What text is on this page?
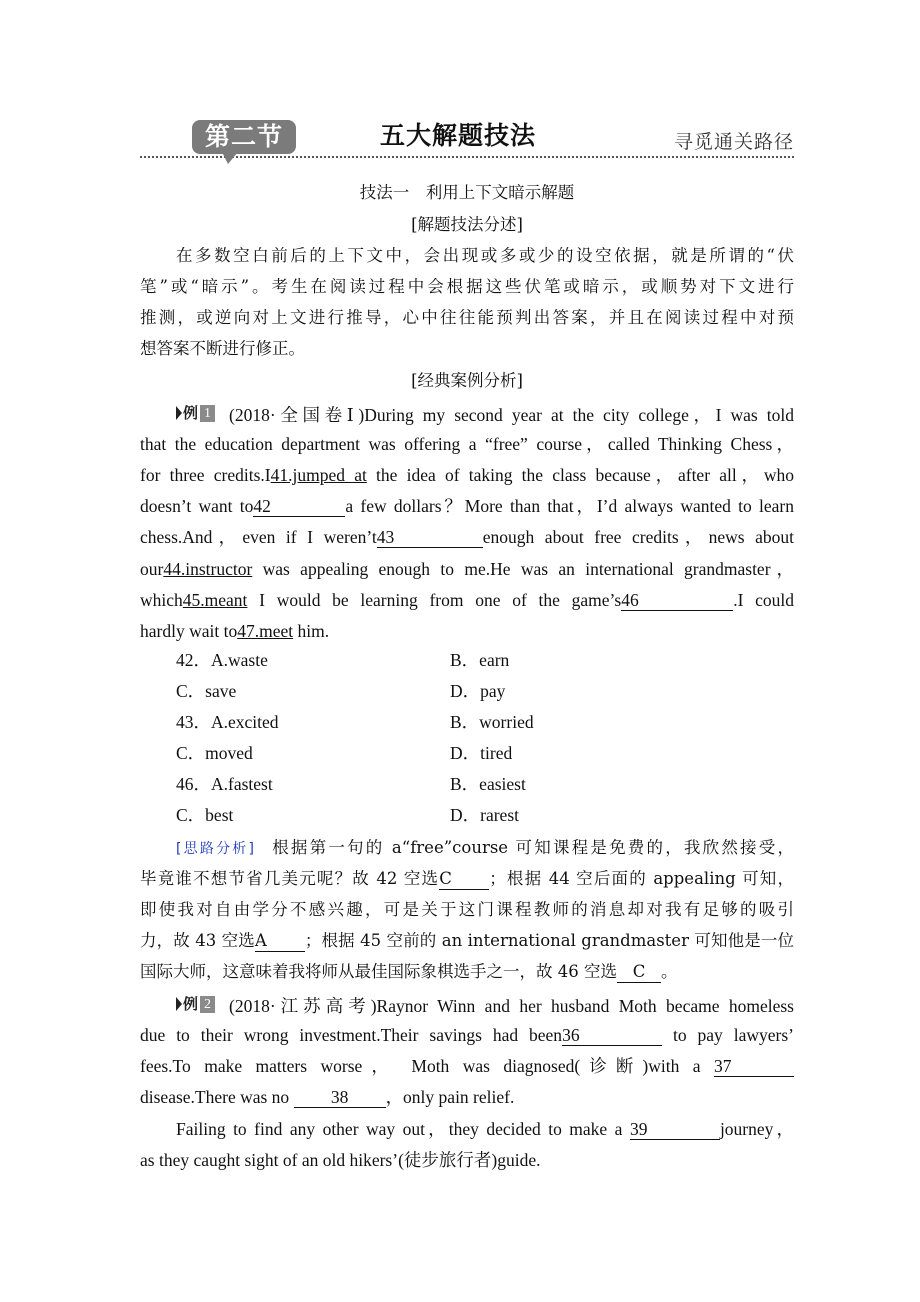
第二节	五大解题技法	寻觅通关路径
技法一　利用上下文暗示解题
[解题技法分述]
在多数空白前后的上下文中，会出现或多或少的设空依据，就是所谓的“伏
笔”或“暗示”。考生在阅读过程中会根据这些伏笔或暗示，或顺势对下文进行
推测，或逆向对上文进行推导，心中往往能预判出答案，并且在阅读过程中对预
想答案不断进行修正。
[经典案例分析]
例 1 (2018·全国卷Ⅰ)During my second year at the city college，I was told
that the education department was offering a “free” course，called Thinking Chess，
for three credits.I41.jumped at the idea of taking the class because，after all，who
doesn’t want to42	a few dollars？More than that，I’d always wanted to learn
chess.And，even if I weren’t43	enough about free credits，news about
our44.instructor was appealing enough to me.He was an international grandmaster，
which45.meant I would be learning from one of the game’s46	.I could
hardly wait to47.meet him.
42．A.waste	B．earn
C．save	D．pay
43．A.excited	B．worried
C．moved	D．tired
46．A.fastest	B．easiest
C．best	D．rarest
[思路分析] 根据第一句的 a“free”course 可知课程是免费的，我欣然接受，
毕竟谁不想节省几美元呢？故 42 空选C ；根据 44 空后面的 appealing 可知，
即使我对自由学分不感兴趣，可是关于这门课程教师的消息却对我有足够的吸引
力，故 43 空选A ；根据 45 空前的 an international grandmaster 可知他是一位
国际大师，这意味着我将师从最佳国际象棋选手之一，故 46 空选 C 。
例 2 (2018·江苏高考)Raynor Winn and her husband Moth became homeless
due to their wrong investment.Their savings had been36	to pay lawyers’
fees.To make matters worse， Moth was diagnosed(诊断)with a 37
disease.There was no 38 ，only pain relief.
Failing to find any other way out，they decided to make a 39	journey，
as they caught sight of an old hikers’(徒步旅行者)guide.
